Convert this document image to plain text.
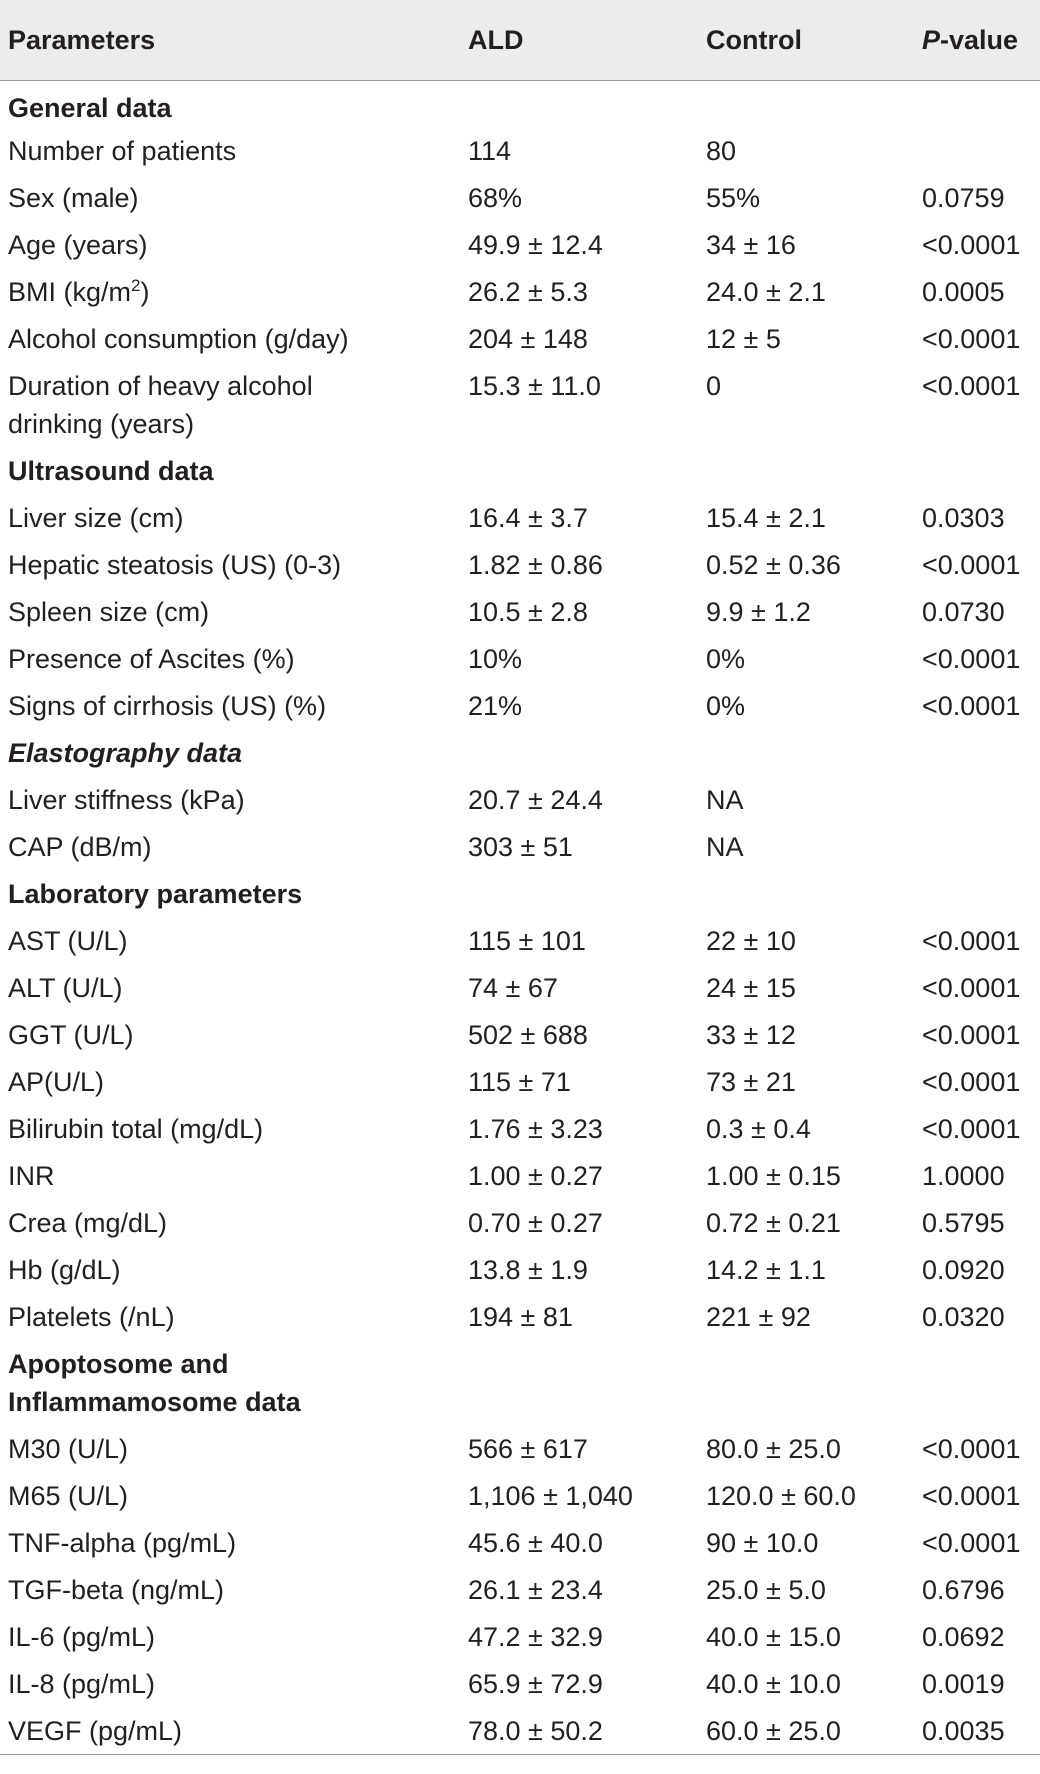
Parameters	ALD	Control	P-value
General data			
Number of patients	114	80	
Sex (male)	68%	55%	0.0759
Age (years)	49.9 ± 12.4	34 ± 16	<0.0001
BMI $(kg/m^2)$	26.2 ± 5.3	24.0 ± 2.1	0.0005
Alcohol consumption (g/day)	204 ± 148	12 ± 5	<0.0001

Duration of heavy alcohol
drinking (years)	15.3 ± 11.0	0	<0.0001
Ultrasound data			
Liver size (cm)	16.4 ± 3.7	15.4 ± 2.1	0.0303
Hepatic steatosis (US) (0-3)	1.82 ± 0.86	0.52 ± 0.36	<0.0001
Spleen size (cm)	10.5 ± 2.8	9.9 ± 1.2	0.0730
Presence of Ascites (%)	10%	0%	<0.0001
Signs of cirrhosis (US) (%)	21%	0%	<0.0001
Elastography data			
Liver stiffness (kPa)	20.7 ± 24.4	NA	
CAP (dB/m)	303 ± 51	NA	
Laboratory parameters			
AST (U/L)	115 ± 101	22 ± 10	<0.0001
ALT (U/L)	74 ± 67	24 ± 15	<0.0001
GGT (U/L)	502 ± 688	33 ± 12	<0.0001
AP(U/L)	115 ± 71	73 ± 21	<0.0001
Bilirubin total (mg/dL)	1.76 ± 3.23	0.3 ± 0.4	<0.0001
INR	1.00 ± 0.27	1.00 ± 0.15	1.0000
Crea (mg/dL)	0.70 ± 0.27	0.72 ± 0.21	0.5795
Hb (g/dL)	13.8 ± 1.9	14.2 ± 1.1	0.0920
Platelets (/nL)	194 ± 81	221 ± 92	0.0320

Apoptosome and
Inflammamosome data			

M30 (U/L)	566 ± 617	80.0 ± 25.0	<0.0001
M65 (U/L)	1,106 ± 1,040	120.0 ± 60.0	<0.0001
TNF-alpha (pg/mL)	45.6 ± 40.0	90 ± 10.0	<0.0001
TGF-beta (ng/mL)	26.1 ± 23.4	25.0 ± 5.0	0.6796
IL-6 (pg/mL)	47.2 ± 32.9	40.0 ± 15.0	0.0692
IL-8 (pg/mL)	65.9 ± 72.9	40.0 ± 10.0	0.0019
VEGF (pg/mL)	78.0 ± 50.2	60.0 ± 25.0	0.0035
